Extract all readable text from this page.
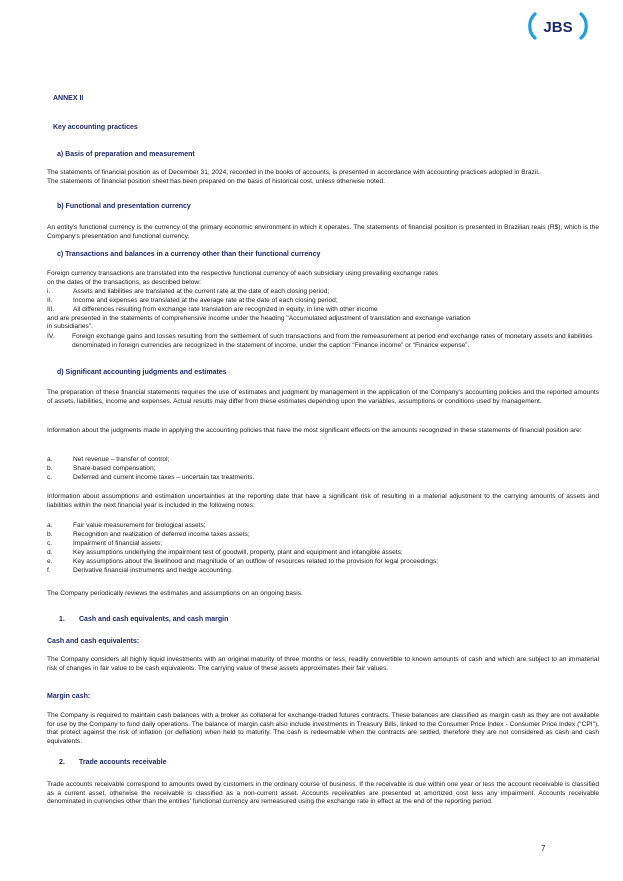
JBS
ANNEX II
Key accounting practices
a) Basis of preparation and measurement
The statements of financial position as of December 31, 2024, recorded in the books of accounts, is presented in accordance with accounting practices adopted in Brazil.
The statements of financial position sheet has been prepared on the basis of historical cost, unless otherwise noted.
b) Functional and presentation currency
An entity's functional currency is the currency of the primary economic environment in which it operates. The statements of financial position is presented in Brazilian reais (R$), which is the Company's presentation and functional currency.
c) Transactions and balances in a currency other than their functional currency
Foreign currency transactions are translated into the respective functional currency of each subsidiary using prevailing exchange rates
on the dates of the transactions, as described below:
i.	Assets and liabilities are translated at the current rate at the date of each closing period;
II.	Income and expenses are translated at the average rate at the date of each closing period;
III.	All differences resulting from exchange rate translation are recognized in equity, in line with other income
and are presented in the statements of comprehensive income under the heading "Accumulated adjustment of translation and exchange variation
in subsidiaries".
IV.	Foreign exchange gains and losses resulting from the settlement of such transactions and from the remeasurement at period end exchange rates of monetary assets and liabilities denominated in foreign currencies are recognized in the statement of income, under the caption “Finance income” or “Finance expense”.
d) Significant accounting judgments and estimates
The preparation of these financial statements requires the use of estimates and judgment by management in the application of the Company's accounting policies and the reported amounts of assets, liabilities, income and expenses. Actual results may differ from these estimates depending upon the variables, assumptions or conditions used by management.
Information about the judgments made in applying the accounting policies that have the most significant effects on the amounts recognized in these statements of financial position are:
a.	Net revenue – transfer of control;
b.	Share-based compensation;
c.	Deferred and current income taxes – uncertain tax treatments.
Information about assumptions and estimation uncertainties at the reporting date that have a significant risk of resulting in a material adjustment to the carrying amounts of assets and liabilities within the next financial year is included in the following notes:
a.	Fair value measurement for biological assets;
b.	Recognition and realization of deferred income taxes assets;
c.	Impairment of financial assets;
d.	Key assumptions underlying the impairment test of goodwill, property, plant and equipment and intangible assets;
e.	Key assumptions about the likelihood and magnitude of an outflow of resources related to the provision for legal proceedings;
f.	Derivative financial instruments and hedge accounting.
The Company periodically reviews the estimates and assumptions on an ongoing basis.
1. Cash and cash equivalents, and cash margin
Cash and cash equivalents:
The Company considers all highly liquid investments with an original maturity of three months or less, readily convertible to known amounts of cash and which are subject to an immaterial risk of changes in fair value to be cash equivalents. The carrying value of these assets approximates their fair values.
Margin cash:
The Company is required to maintain cash balances with a broker as collateral for exchange-traded futures contracts. These balances are classified as margin cash as they are not available for use by the Company to fund daily operations. The balance of margin cash also include investments in Treasury Bills, linked to the Consumer Price Index - Consumer Price Index ("CPI"), that protect against the risk of inflation (or deflation) when held to maturity. The cash is redeemable when the contracts are settled, therefore they are not considered as cash and cash equivalents.
2. Trade accounts receivable
Trade accounts receivable correspond to amounts owed by customers in the ordinary course of business. If the receivable is due within one year or less the account receivable is classified as a current asset, otherwise the receivable is classified as a non-current asset. Accounts receivables are presented at amortized cost less any impairment. Accounts receivable denominated in currencies other than the entities' functional currency are remeasured using the exchange rate in effect at the end of the reporting period.
7
